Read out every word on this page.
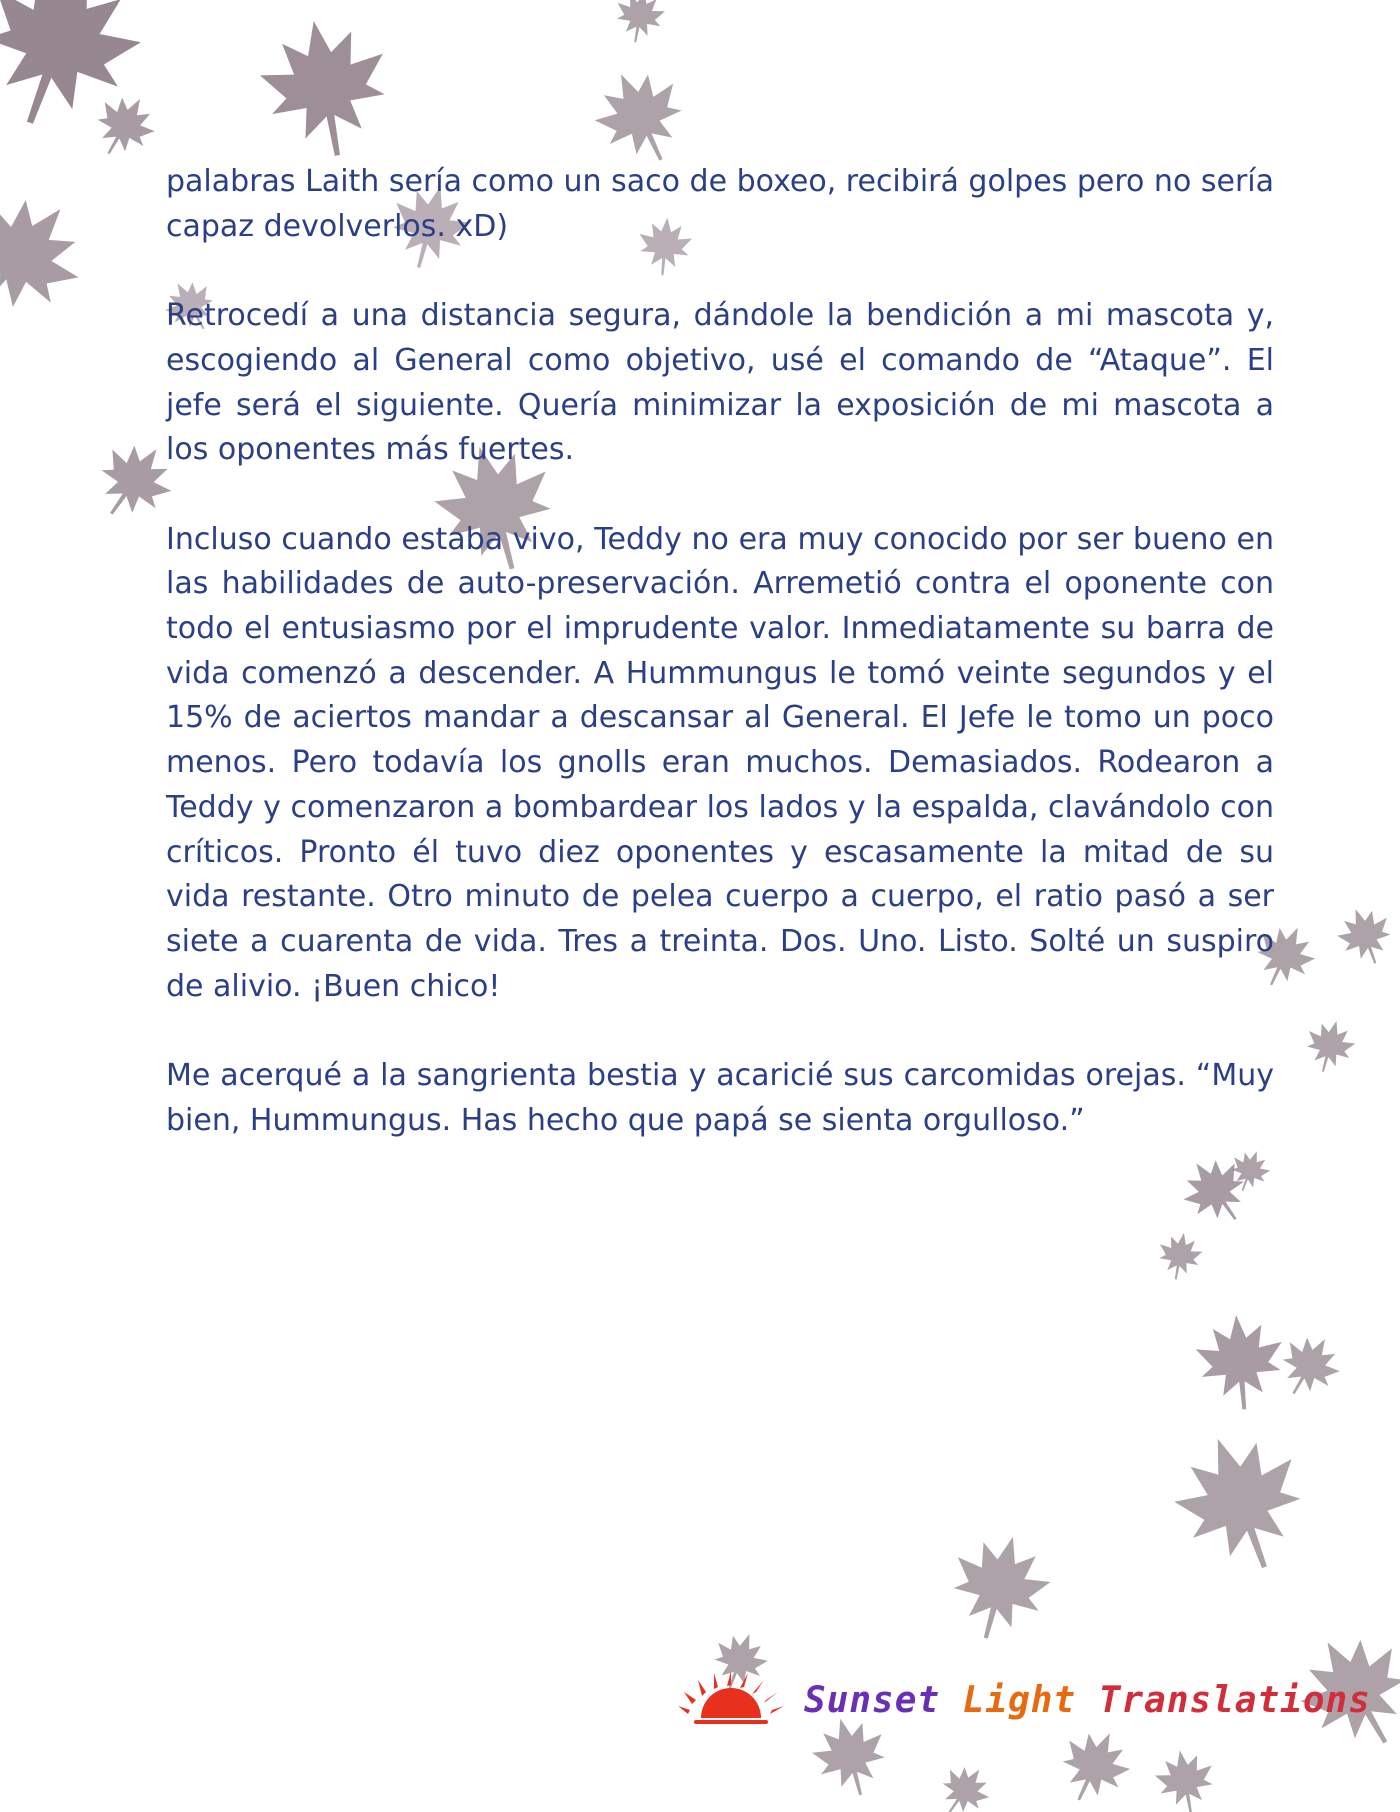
palabras Laith sería como un saco de boxeo, recibirá golpes pero no sería capaz devolverlos. xD)

Retrocedí a una distancia segura, dándole la bendición a mi mascota y, escogiendo al General como objetivo, usé el comando de “Ataque”. El jefe será el siguiente. Quería minimizar la exposición de mi mascota a los oponentes más fuertes.

Incluso cuando estaba vivo, Teddy no era muy conocido por ser bueno en las habilidades de auto-preservación. Arremetió contra el oponente con todo el entusiasmo por el imprudente valor. Inmediatamente su barra de vida comenzó a descender. A Hummungus le tomó veinte segundos y el 15% de aciertos mandar a descansar al General. El Jefe le tomo un poco menos. Pero todavía los gnolls eran muchos. Demasiados. Rodearon a Teddy y comenzaron a bombardear los lados y la espalda, clavándolo con críticos. Pronto él tuvo diez oponentes y escasamente la mitad de su vida restante. Otro minuto de pelea cuerpo a cuerpo, el ratio pasó a ser siete a cuarenta de vida. Tres a treinta. Dos. Uno. Listo. Solté un suspiro de alivio. ¡Buen chico!

Me acerqué a la sangrienta bestia y acaricié sus carcomidas orejas. “Muy bien, Hummungus. Has hecho que papá se sienta orgulloso.”

Sunset Light Translations
